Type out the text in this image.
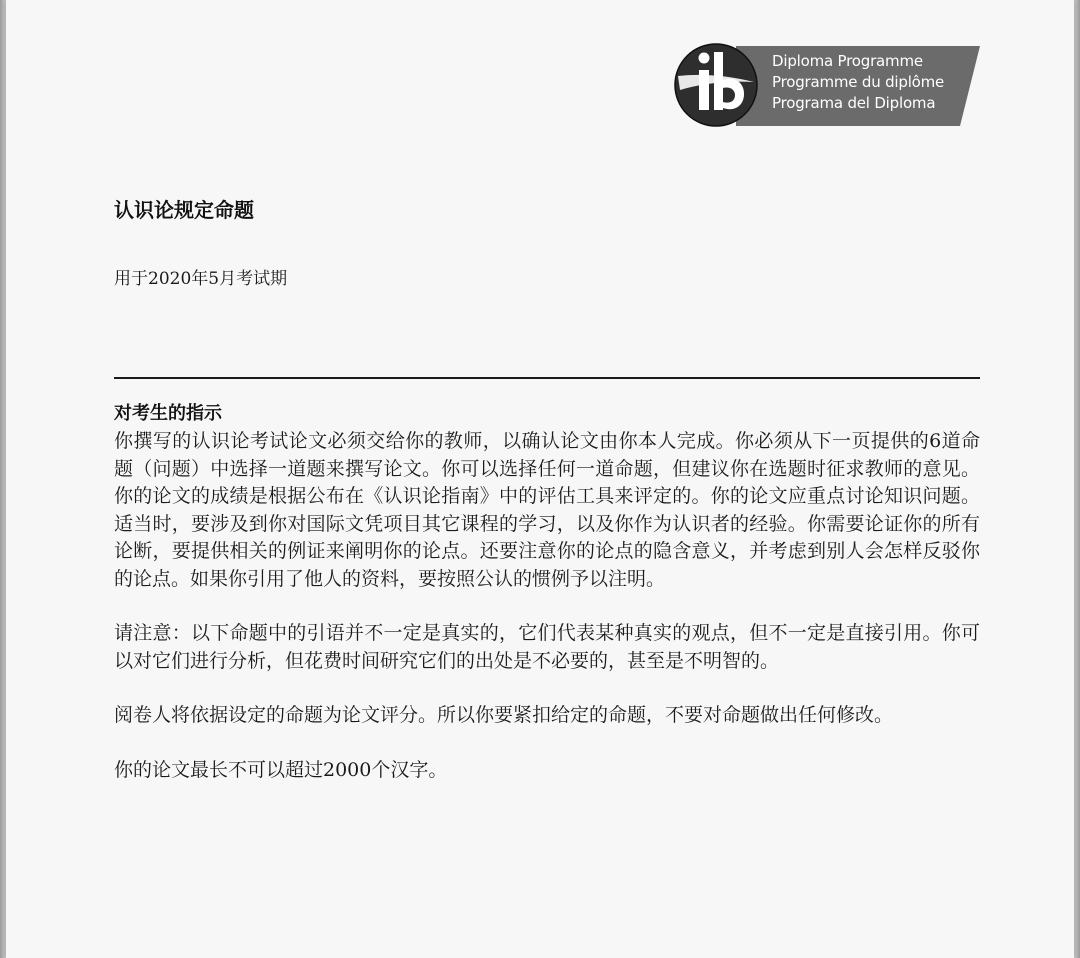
Diploma Programme
Programme du diplôme
Programa del Diploma
认识论规定命题

用于2020年5月考试期

对考生的指示

你撰写的认识论考试论文必须交给你的教师，以确认论文由你本人完成。你必须从下一页提供的6道命题（问题）中选择一道题来撰写论文。你可以选择任何一道命题，但建议你在选题时征求教师的意见。你的论文的成绩是根据公布在《认识论指南》中的评估工具来评定的。你的论文应重点讨论知识问题。适当时，要涉及到你对国际文凭项目其它课程的学习，以及你作为认识者的经验。你需要论证你的所有论断，要提供相关的例证来阐明你的论点。还要注意你的论点的隐含意义，并考虑到别人会怎样反驳你的论点。如果你引用了他人的资料，要按照公认的惯例予以注明。

请注意：以下命题中的引语并不一定是真实的，它们代表某种真实的观点，但不一定是直接引用。你可以对它们进行分析，但花费时间研究它们的出处是不必要的，甚至是不明智的。

阅卷人将依据设定的命题为论文评分。所以你要紧扣给定的命题，不要对命题做出任何修改。

你的论文最长不可以超过2000个汉字。
